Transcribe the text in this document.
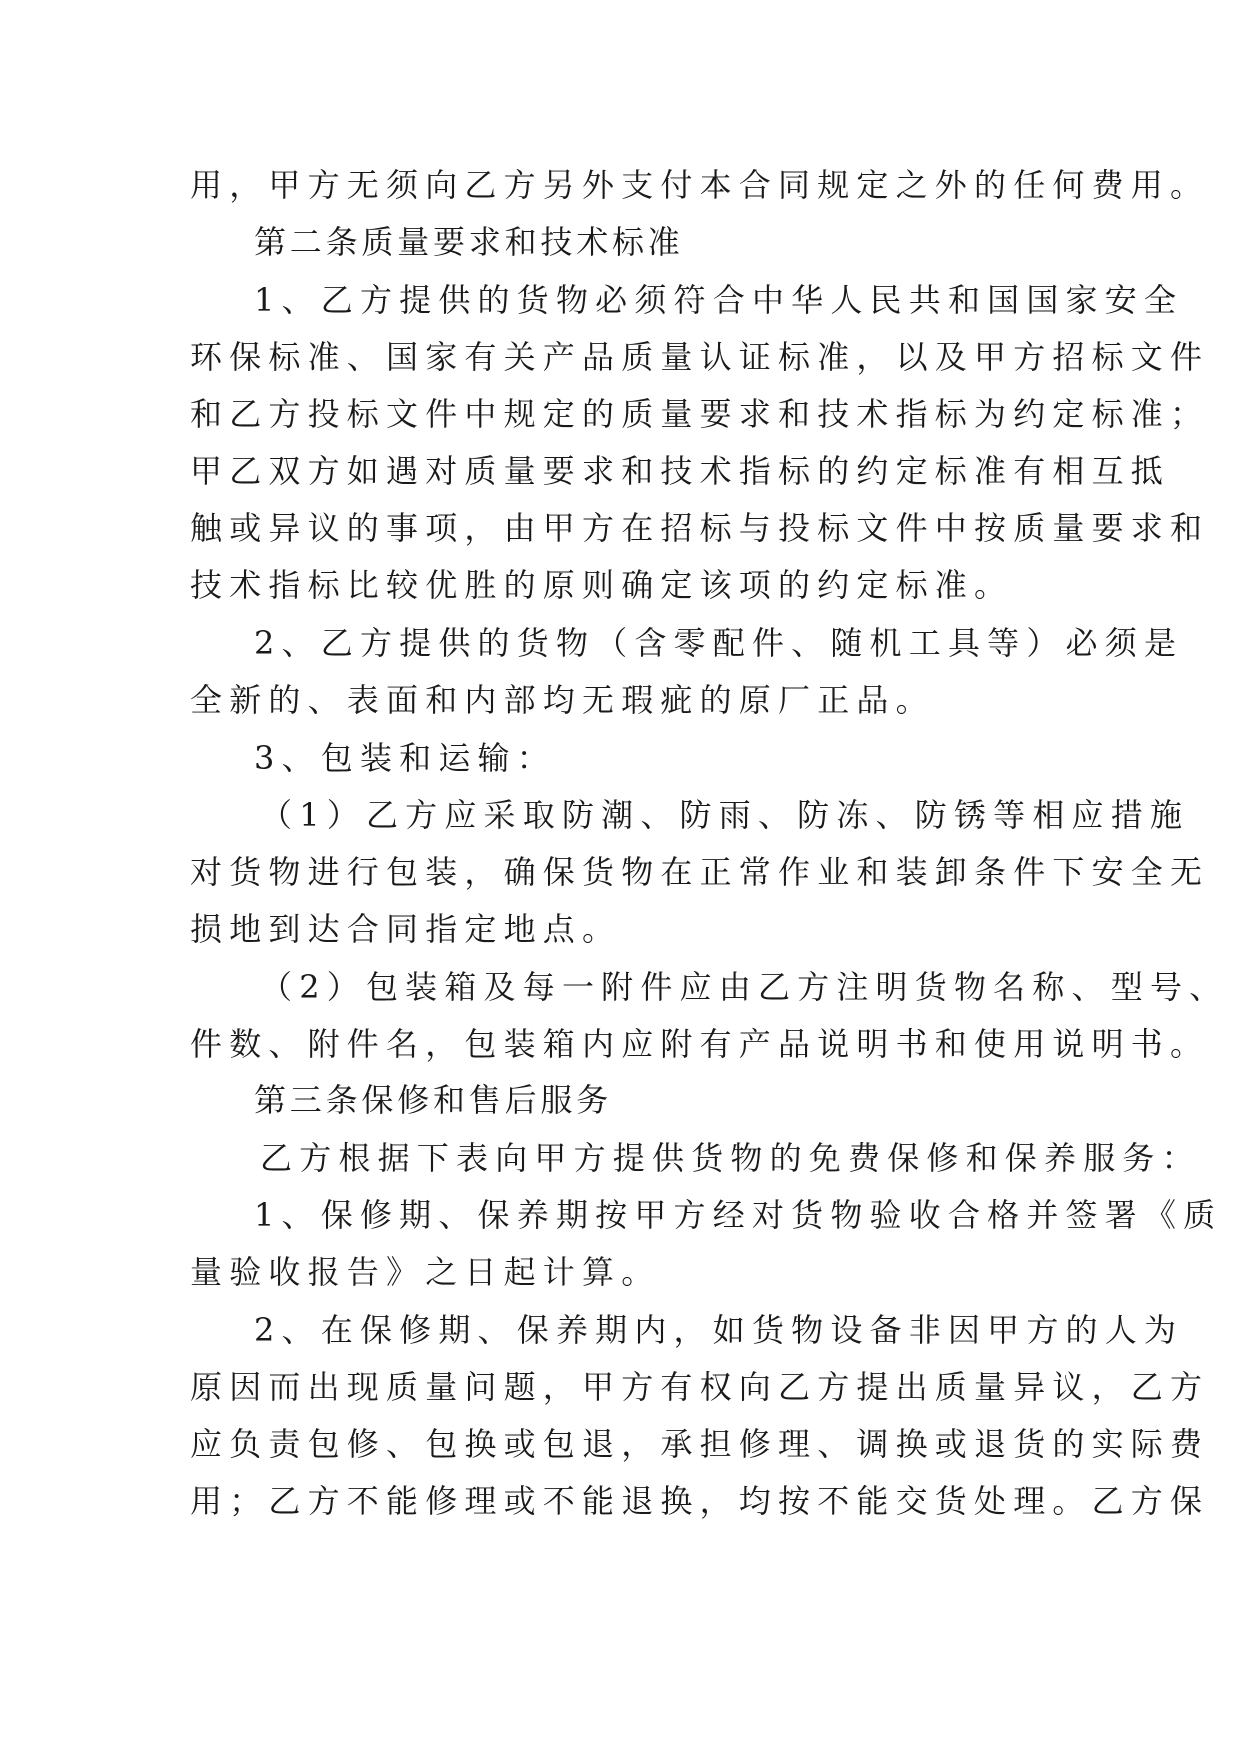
用，甲方无须向乙方另外支付本合同规定之外的任何费用。
第二条质量要求和技术标准
1、乙方提供的货物必须符合中华人民共和国国家安全
环保标准、国家有关产品质量认证标准，以及甲方招标文件
和乙方投标文件中规定的质量要求和技术指标为约定标准；
甲乙双方如遇对质量要求和技术指标的约定标准有相互抵
触或异议的事项，由甲方在招标与投标文件中按质量要求和
技术指标比较优胜的原则确定该项的约定标准。
2、乙方提供的货物（含零配件、随机工具等）必须是
全新的、表面和内部均无瑕疵的原厂正品。
3、包装和运输：
（1）乙方应采取防潮、防雨、防冻、防锈等相应措施
对货物进行包装，确保货物在正常作业和装卸条件下安全无
损地到达合同指定地点。
（2）包装箱及每一附件应由乙方注明货物名称、型号、
件数、附件名，包装箱内应附有产品说明书和使用说明书。
第三条保修和售后服务
乙方根据下表向甲方提供货物的免费保修和保养服务：
1、保修期、保养期按甲方经对货物验收合格并签署《质
量验收报告》之日起计算。
2、在保修期、保养期内，如货物设备非因甲方的人为
原因而出现质量问题，甲方有权向乙方提出质量异议，乙方
应负责包修、包换或包退，承担修理、调换或退货的实际费
用；乙方不能修理或不能退换，均按不能交货处理。乙方保
